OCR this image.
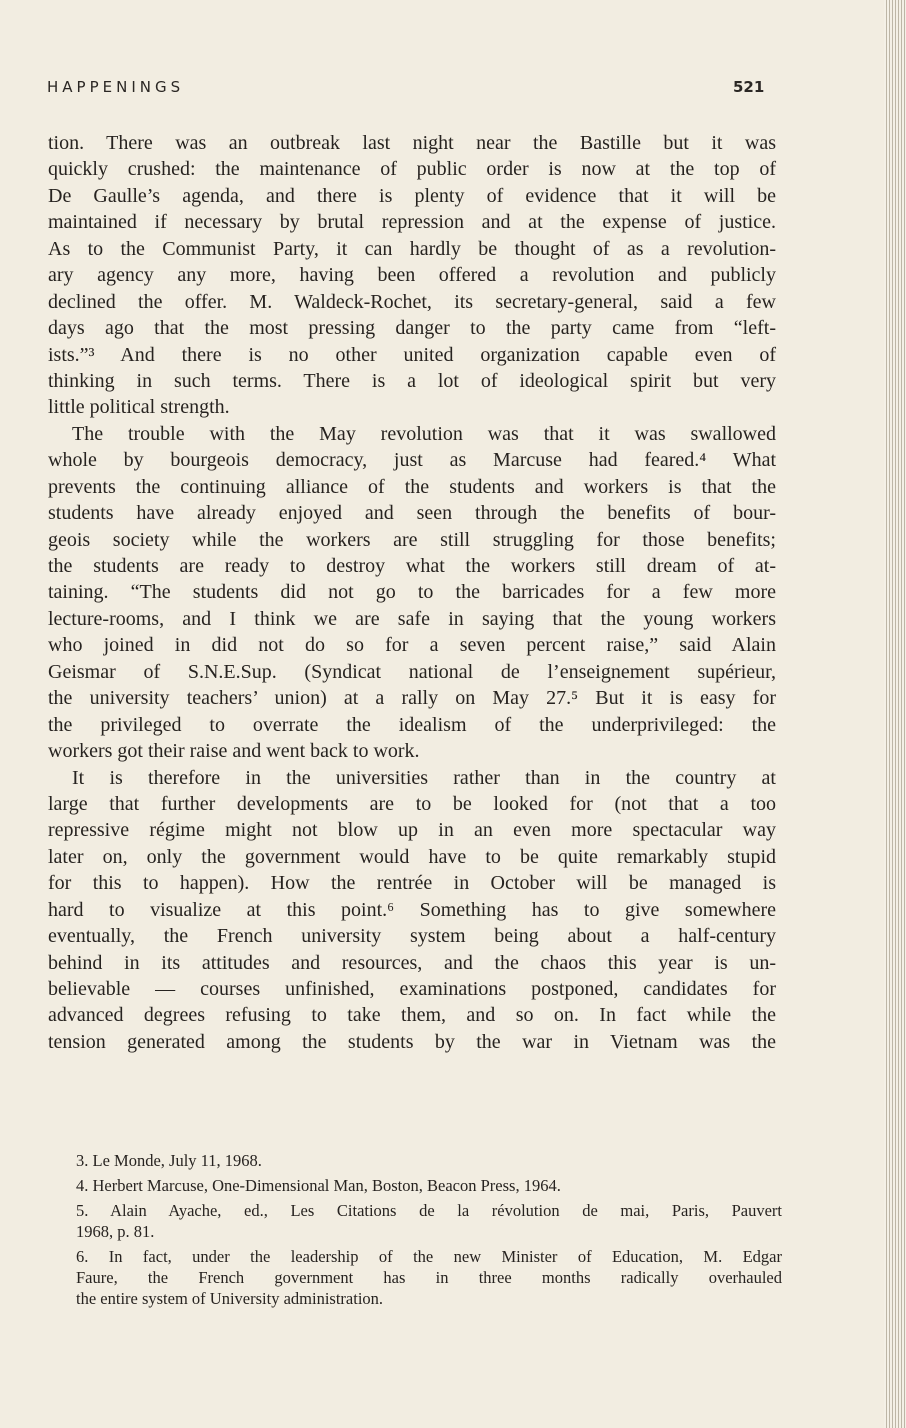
HAPPENINGS	521
tion. There was an outbreak last night near the Bastille but it was
quickly crushed: the maintenance of public order is now at the top of
De Gaulle’s agenda, and there is plenty of evidence that it will be
maintained if necessary by brutal repression and at the expense of justice.
As to the Communist Party, it can hardly be thought of as a revolution-
ary agency any more, having been offered a revolution and publicly
declined the offer. M. Waldeck-Rochet, its secretary-general, said a few
days ago that the most pressing danger to the party came from “left-
ists.”³ And there is no other united organization capable even of
thinking in such terms. There is a lot of ideological spirit but very
little political strength.
The trouble with the May revolution was that it was swallowed
whole by bourgeois democracy, just as Marcuse had feared.⁴ What
prevents the continuing alliance of the students and workers is that the
students have already enjoyed and seen through the benefits of bour-
geois society while the workers are still struggling for those benefits;
the students are ready to destroy what the workers still dream of at-
taining. “The students did not go to the barricades for a few more
lecture-rooms, and I think we are safe in saying that the young workers
who joined in did not do so for a seven percent raise,” said Alain
Geismar of S.N.E.Sup. (Syndicat national de l’enseignement supérieur,
the university teachers’ union) at a rally on May 27.⁵ But it is easy for
the privileged to overrate the idealism of the underprivileged: the
workers got their raise and went back to work.
It is therefore in the universities rather than in the country at
large that further developments are to be looked for (not that a too
repressive régime might not blow up in an even more spectacular way
later on, only the government would have to be quite remarkably stupid
for this to happen). How the rentrée in October will be managed is
hard to visualize at this point.⁶ Something has to give somewhere
eventually, the French university system being about a half-century
behind in its attitudes and resources, and the chaos this year is un-
believable — courses unfinished, examinations postponed, candidates for
advanced degrees refusing to take them, and so on. In fact while the
tension generated among the students by the war in Vietnam was the
3. Le Monde, July 11, 1968.
4. Herbert Marcuse, One-Dimensional Man, Boston, Beacon Press, 1964.
5. Alain Ayache, ed., Les Citations de la révolution de mai, Paris, Pauvert
1968, p. 81.
6. In fact, under the leadership of the new Minister of Education, M. Edgar
Faure, the French government has in three months radically overhauled
the entire system of University administration.
